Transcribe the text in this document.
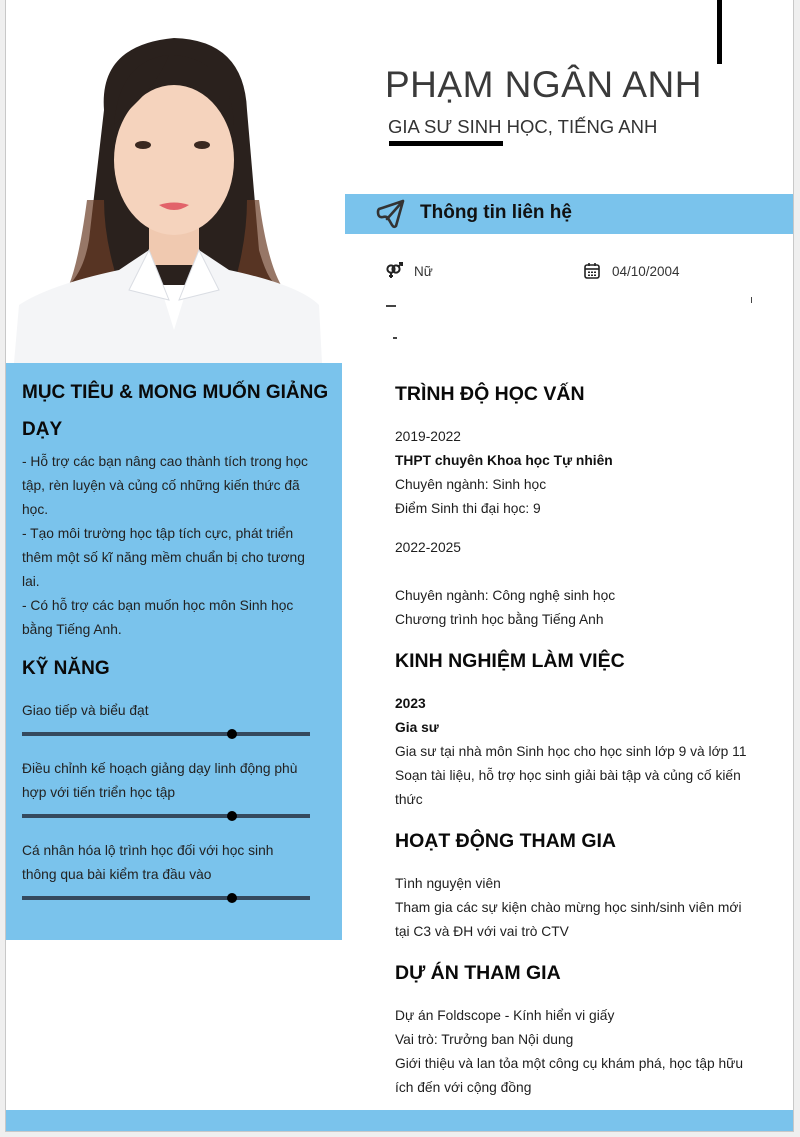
PHẠM NGÂN ANH
GIA SƯ SINH HỌC, TIẾNG ANH
Thông tin liên hệ
Nữ	04/10/2004
MỤC TIÊU & MONG MUỐN GIẢNG
DẠY
- Hỗ trợ các bạn nâng cao thành tích trong học
tập, rèn luyện và củng cố những kiến thức đã
học.
- Tạo môi trường học tập tích cực, phát triển
thêm một số kĩ năng mềm chuẩn bị cho tương
lai.
- Có hỗ trợ các bạn muốn học môn Sinh học
bằng Tiếng Anh.
KỸ NĂNG
Giao tiếp và biểu đạt
Điều chỉnh kế hoạch giảng dạy linh động phù
hợp với tiến triển học tập
Cá nhân hóa lộ trình học đối với học sinh
thông qua bài kiểm tra đầu vào
TRÌNH ĐỘ HỌC VẤN
2019-2022
THPT chuyên Khoa học Tự nhiên
Chuyên ngành: Sinh học
Điểm Sinh thi đại học: 9
2022-2025
Chuyên ngành: Công nghệ sinh học
Chương trình học bằng Tiếng Anh
KINH NGHIỆM LÀM VIỆC
2023
Gia sư
Gia sư tại nhà môn Sinh học cho học sinh lớp 9 và lớp 11
Soạn tài liệu, hỗ trợ học sinh giải bài tập và củng cố kiến
thức
HOẠT ĐỘNG THAM GIA
Tình nguyện viên
Tham gia các sự kiện chào mừng học sinh/sinh viên mới
tại C3 và ĐH với vai trò CTV
DỰ ÁN THAM GIA
Dự án Foldscope - Kính hiển vi giấy
Vai trò: Trưởng ban Nội dung
Giới thiệu và lan tỏa một công cụ khám phá, học tập hữu
ích đến với cộng đồng
